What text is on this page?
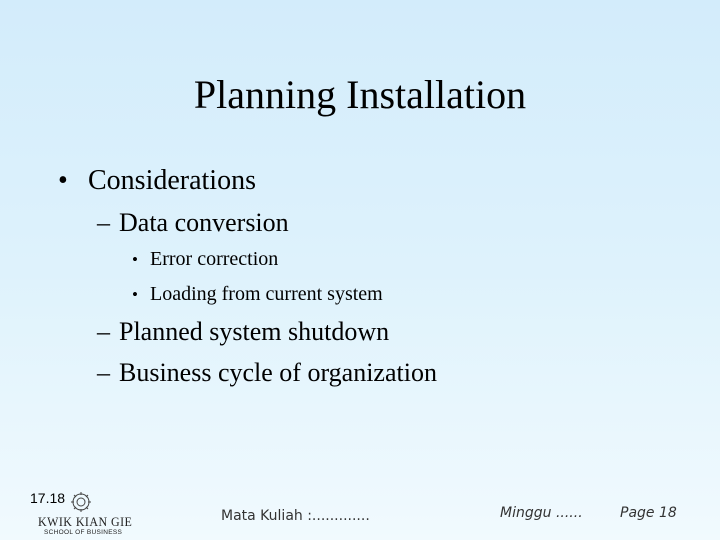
Planning Installation
• Considerations
– Data conversion
• Error correction
• Loading from current system
– Planned system shutdown
– Business cycle of organization
17.18
KWIK KIAN GIE
SCHOOL OF BUSINESS
Mata Kuliah :.............	Minggu ......	Page 18
